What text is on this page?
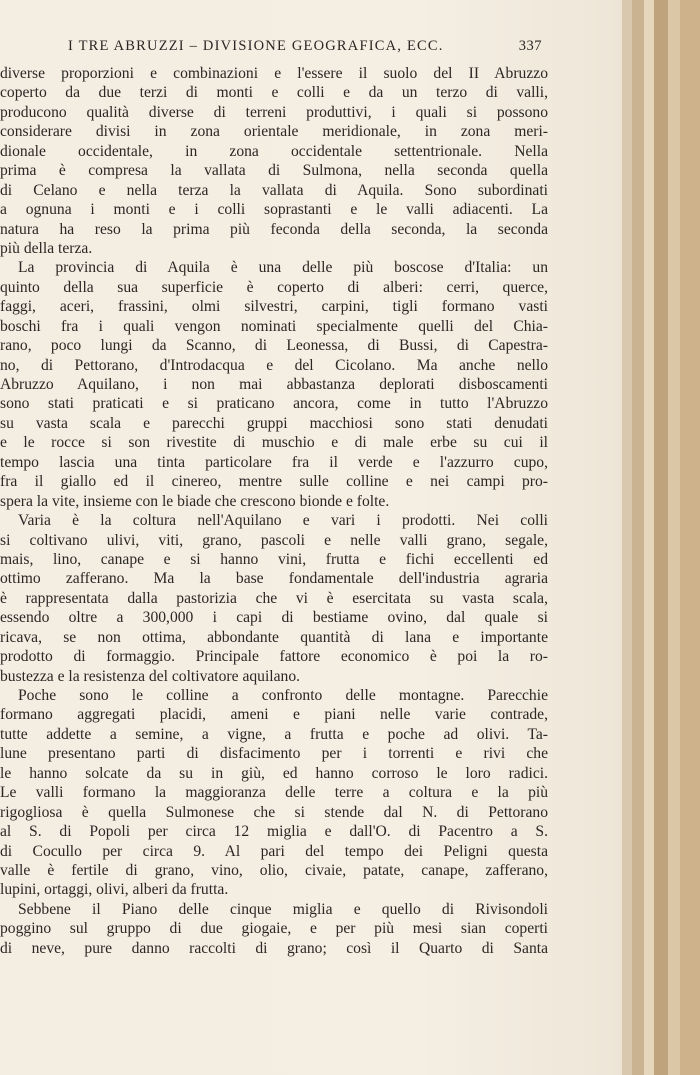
I TRE ABRUZZI – DIVISIONE GEOGRAFICA, ECC.	337
diverse proporzioni e combinazioni e l'essere il suolo del II Abruzzo
coperto da due terzi di monti e colli e da un terzo di valli,
producono qualità diverse di terreni produttivi, i quali si possono
considerare divisi in zona orientale meridionale, in zona meri-
dionale occidentale, in zona occidentale settentrionale. Nella
prima è compresa la vallata di Sulmona, nella seconda quella
di Celano e nella terza la vallata di Aquila. Sono subordinati
a ognuna i monti e i colli soprastanti e le valli adiacenti. La
natura ha reso la prima più feconda della seconda, la seconda
più della terza.
La provincia di Aquila è una delle più boscose d'Italia: un
quinto della sua superficie è coperto di alberi: cerri, querce,
faggi, aceri, frassini, olmi silvestri, carpini, tigli formano vasti
boschi fra i quali vengon nominati specialmente quelli del Chia-
rano, poco lungi da Scanno, di Leonessa, di Bussi, di Capestra-
no, di Pettorano, d'Introdacqua e del Cicolano. Ma anche nello
Abruzzo Aquilano, i non mai abbastanza deplorati disboscamenti
sono stati praticati e si praticano ancora, come in tutto l'Abruzzo
su vasta scala e parecchi gruppi macchiosi sono stati denudati
e le rocce si son rivestite di muschio e di male erbe su cui il
tempo lascia una tinta particolare fra il verde e l'azzurro cupo,
fra il giallo ed il cinereo, mentre sulle colline e nei campi pro-
spera la vite, insieme con le biade che crescono bionde e folte.
Varia è la coltura nell'Aquilano e vari i prodotti. Nei colli
si coltivano ulivi, viti, grano, pascoli e nelle valli grano, segale,
mais, lino, canape e si hanno vini, frutta e fichi eccellenti ed
ottimo zafferano. Ma la base fondamentale dell'industria agraria
è rappresentata dalla pastorizia che vi è esercitata su vasta scala,
essendo oltre a 300,000 i capi di bestiame ovino, dal quale si
ricava, se non ottima, abbondante quantità di lana e importante
prodotto di formaggio. Principale fattore economico è poi la ro-
bustezza e la resistenza del coltivatore aquilano.
Poche sono le colline a confronto delle montagne. Parecchie
formano aggregati placidi, ameni e piani nelle varie contrade,
tutte addette a semine, a vigne, a frutta e poche ad olivi. Ta-
lune presentano parti di disfacimento per i torrenti e rivi che
le hanno solcate da su in giù, ed hanno corroso le loro radici.
Le valli formano la maggioranza delle terre a coltura e la più
rigogliosa è quella Sulmonese che si stende dal N. di Pettorano
al S. di Popoli per circa 12 miglia e dall'O. di Pacentro a S.
di Cocullo per circa 9. Al pari del tempo dei Peligni questa
valle è fertile di grano, vino, olio, civaie, patate, canape, zafferano,
lupini, ortaggi, olivi, alberi da frutta.
Sebbene il Piano delle cinque miglia e quello di Rivisondoli
poggino sul gruppo di due giogaie, e per più mesi sian coperti
di neve, pure danno raccolti di grano; così il Quarto di Santa
